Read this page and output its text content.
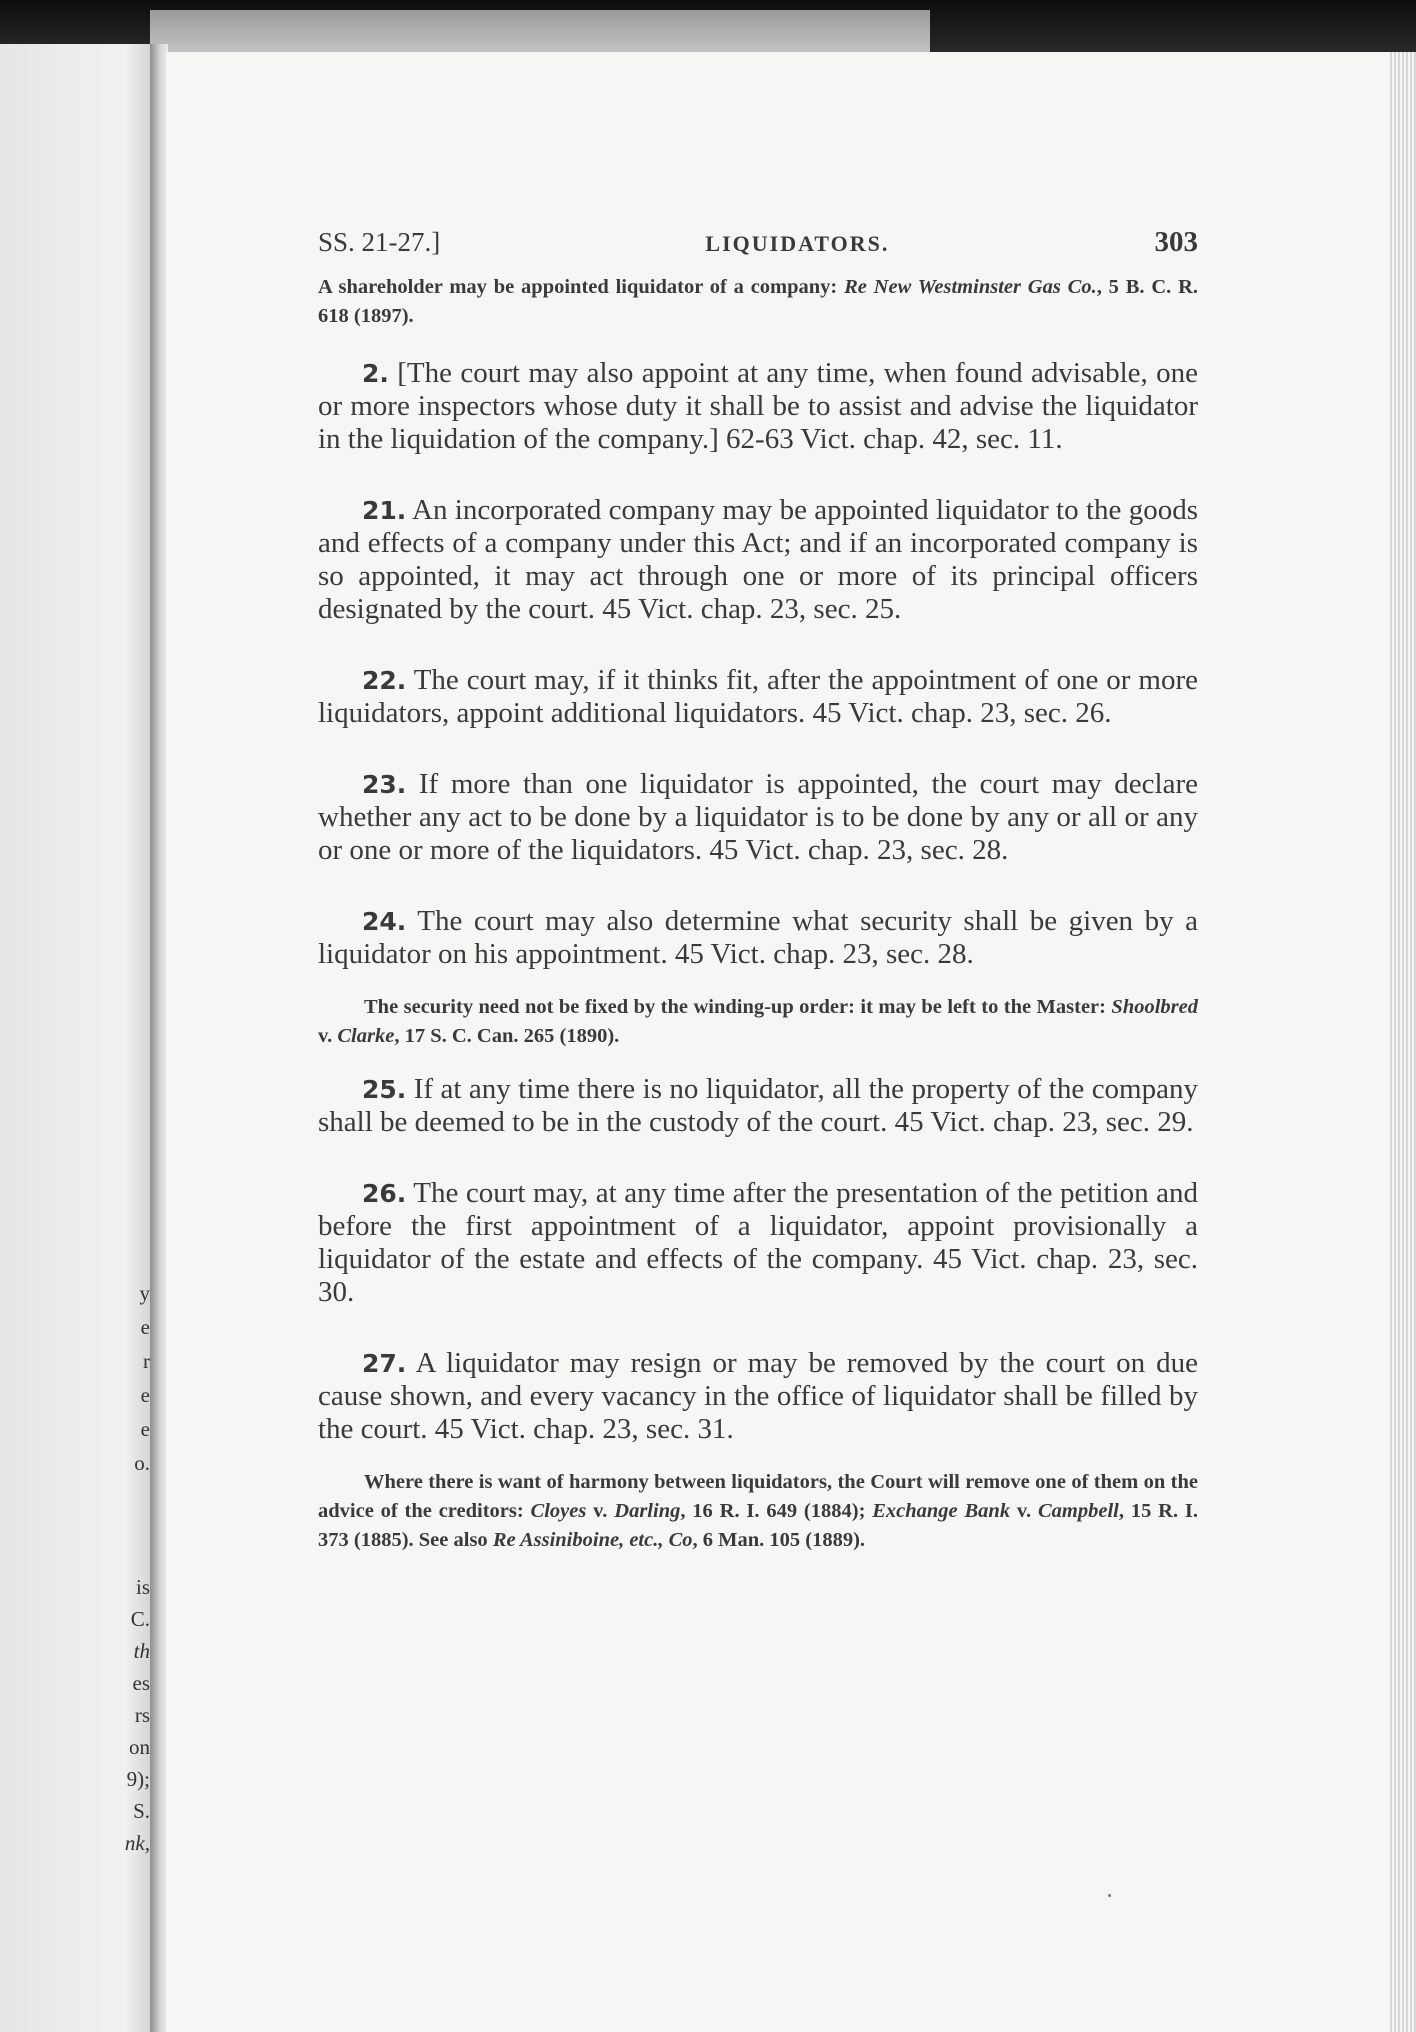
y
e
r
e
e
o.
is
C.
th
es
rs
on
9);
S.
nk,
SS. 21-27.]	LIQUIDATORS.	303

A shareholder may be appointed liquidator of a company: Re New Westminster Gas Co., 5 B. C. R. 618 (1897).

2. [The court may also appoint at any time, when found advisable, one or more inspectors whose duty it shall be to assist and advise the liquidator in the liquidation of the company.] 62-63 Vict. chap. 42, sec. 11.

21. An incorporated company may be appointed liquidator to the goods and effects of a company under this Act; and if an incorporated company is so appointed, it may act through one or more of its principal officers designated by the court. 45 Vict. chap. 23, sec. 25.

22. The court may, if it thinks fit, after the appointment of one or more liquidators, appoint additional liquidators. 45 Vict. chap. 23, sec. 26.

23. If more than one liquidator is appointed, the court may declare whether any act to be done by a liquidator is to be done by any or all or any or one or more of the liquidators. 45 Vict. chap. 23, sec. 28.

24. The court may also determine what security shall be given by a liquidator on his appointment. 45 Vict. chap. 23, sec. 28.

The security need not be fixed by the winding-up order: it may be left to the Master: Shoolbred v. Clarke, 17 S. C. Can. 265 (1890).

25. If at any time there is no liquidator, all the property of the company shall be deemed to be in the custody of the court. 45 Vict. chap. 23, sec. 29.

26. The court may, at any time after the presentation of the petition and before the first appointment of a liquidator, appoint provisionally a liquidator of the estate and effects of the company. 45 Vict. chap. 23, sec. 30.

27. A liquidator may resign or may be removed by the court on due cause shown, and every vacancy in the office of liquidator shall be filled by the court. 45 Vict. chap. 23, sec. 31.

Where there is want of harmony between liquidators, the Court will remove one of them on the advice of the creditors: Cloyes v. Darling, 16 R. I. 649 (1884); Exchange Bank v. Campbell, 15 R. I. 373 (1885). See also Re Assiniboine, etc., Co, 6 Man. 105 (1889).
